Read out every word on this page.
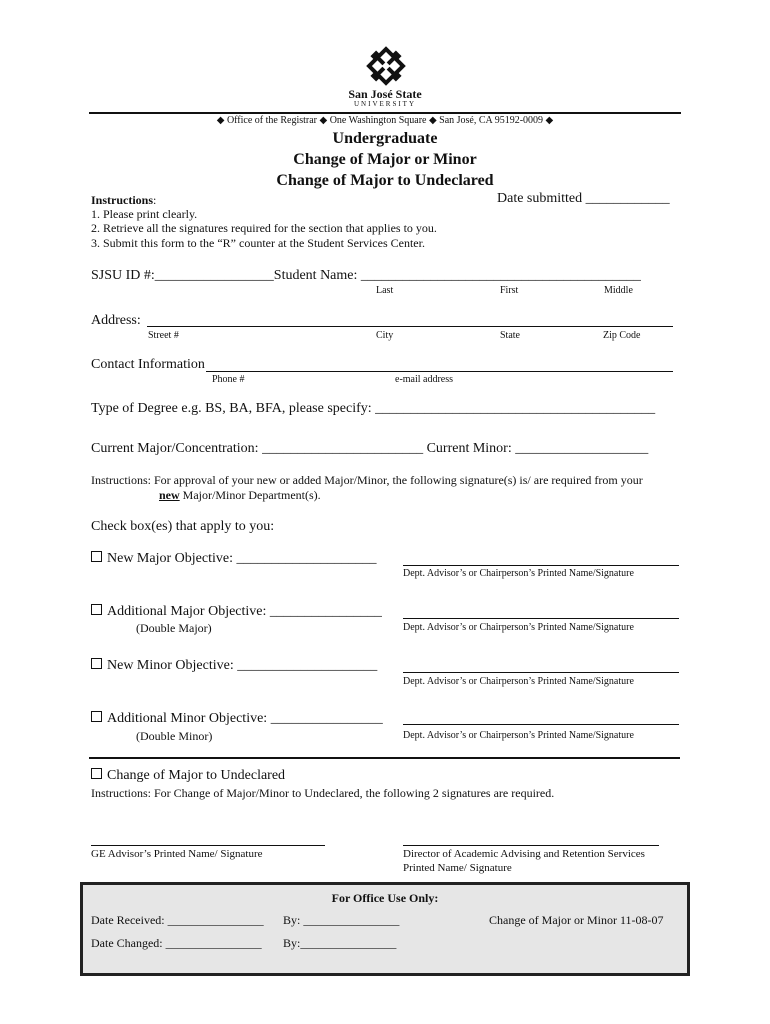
San José State
UNIVERSITY
◆ Office of the Registrar ◆ One Washington Square ◆ San José, CA 95192-0009 ◆
Undergraduate
Change of Major or Minor
Change of Major to Undeclared
Instructions:	Date submitted ____________
1. Please print clearly.
2. Retrieve all the signatures required for the section that applies to you.
3. Submit this form to the “R” counter at the Student Services Center.
SJSU ID #:_________________Student Name: ________________________________________
Last	First	Middle
Address:
Street #	City	State	Zip Code
Contact Information
Phone #	e-mail address
Type of Degree e.g. BS, BA, BFA, please specify: ________________________________________
Current Major/Concentration: _______________________ Current Minor: ___________________
Instructions: For approval of your new or added Major/Minor, the following signature(s) is/ are required from your
new Major/Minor Department(s).
Check box(es) that apply to you:
New Major Objective: ____________________
Dept. Advisor’s or Chairperson’s Printed Name/Signature
Additional Major Objective: ________________
(Double Major)	Dept. Advisor’s or Chairperson’s Printed Name/Signature
New Minor Objective: ____________________
Dept. Advisor’s or Chairperson’s Printed Name/Signature
Additional Minor Objective: ________________
(Double Minor)	Dept. Advisor’s or Chairperson’s Printed Name/Signature
Change of Major to Undeclared
Instructions: For Change of Major/Minor to Undeclared, the following 2 signatures are required.
GE Advisor’s Printed Name/ Signature	Director of Academic Advising and Retention Services
Printed Name/ Signature
For Office Use Only:
Date Received: ________________ By: ________________	Change of Major or Minor 11-08-07
Date Changed: ________________ By:________________
